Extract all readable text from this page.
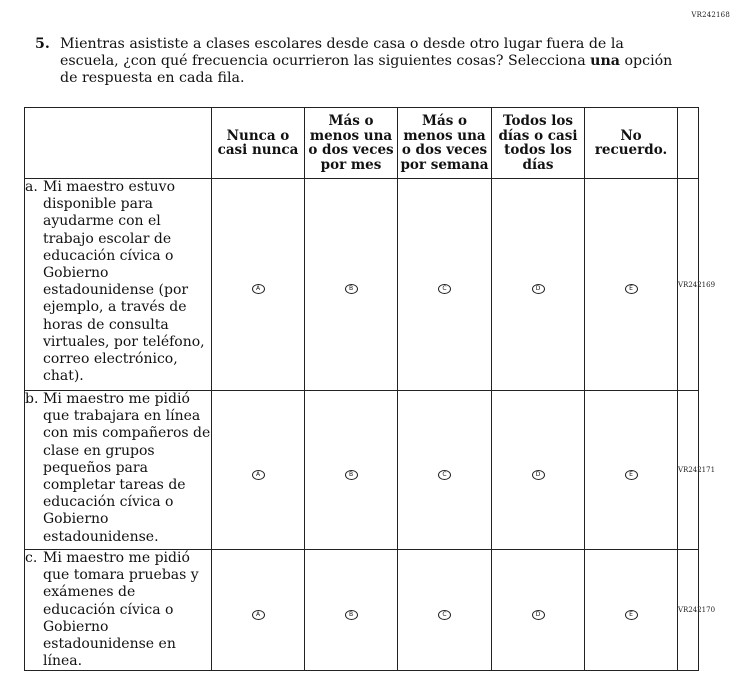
VR242168
5. Mientras asististe a clases escolares desde casa o desde otro lugar fuera de la escuela, ¿con qué frecuencia ocurrieron las siguientes cosas? Selecciona una opción de respuesta en cada fila.
	Nunca o casi nunca	Más o menos una o dos veces por mes	Más o menos una o dos veces por semana	Todos los días o casi todos los días	No recuerdo.	

a. Mi maestro estuvo disponible para ayudarme con el trabajo escolar de educación cívica o Gobierno estadounidense (por ejemplo, a través de horas de consulta virtuales, por teléfono, correo electrónico, chat).	A	B	C	D	E	VR242169

b. Mi maestro me pidió que trabajara en línea con mis compañeros de clase en grupos pequeños para completar tareas de educación cívica o Gobierno estadounidense.	A	B	C	D	E	VR242171

c. Mi maestro me pidió que tomara pruebas y exámenes de educación cívica o Gobierno estadounidense en línea.	A	B	C	D	E	VR242170
